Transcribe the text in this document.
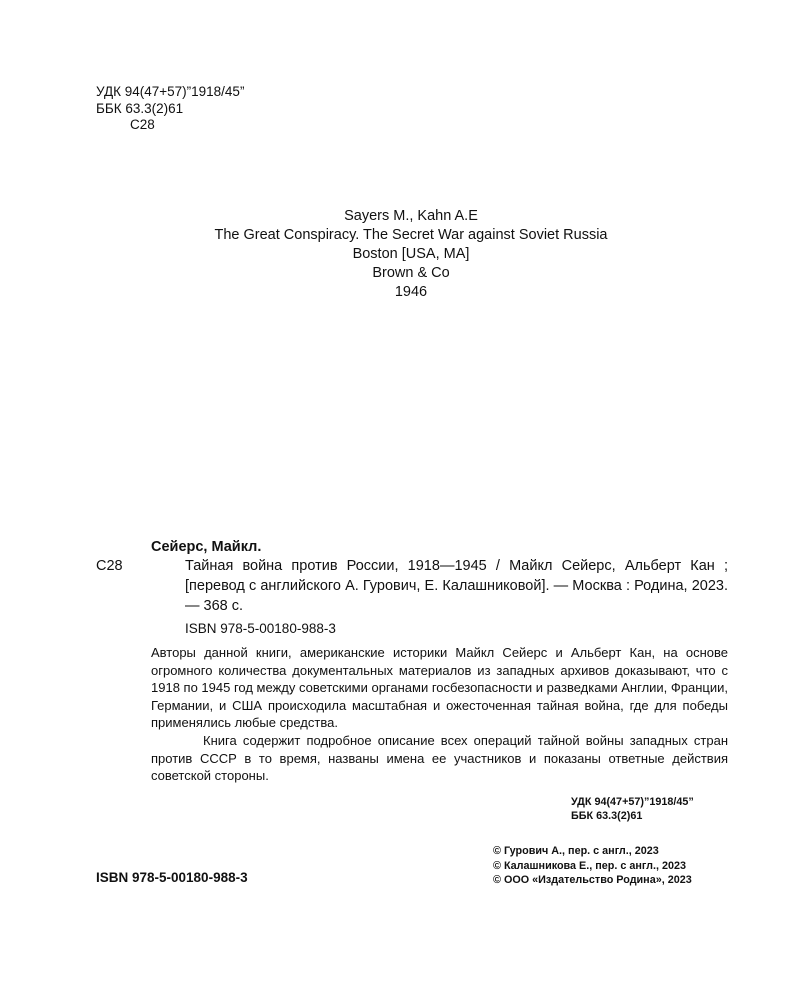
УДК 94(47+57)”1918/45”
ББК 63.3(2)61
С28
Sayers M., Kahn A.E
The Great Conspiracy. The Secret War against Soviet Russia
Boston [USA, MA]
Brown & Co
1946
Сейерс, Майкл.
С28	Тайная война против России, 1918—1945 / Майкл Сейерс, Альберт Кан ; [перевод с английского А. Гурович, Е. Калашниковой]. — Москва : Родина, 2023. — 368 с.
ISBN 978-5-00180-988-3

Авторы данной книги, американские историки Майкл Сейерс и Альберт Кан, на основе огромного количества документальных материалов из западных архивов доказывают, что с 1918 по 1945 год между советскими органами госбезопасности и разведками Англии, Франции, Германии, и США происходила масштабная и ожесточенная тайная война, где для победы применялись любые средства.

Книга содержит подробное описание всех операций тайной войны западных стран против СССР в то время, названы имена ее участников и показаны ответные действия советской стороны.

УДК 94(47+57)”1918/45”
ББК 63.3(2)61
© Гурович А., пер. с англ., 2023
© Калашникова Е., пер. с англ., 2023
© ООО «Издательство Родина», 2023
ISBN 978-5-00180-988-3
